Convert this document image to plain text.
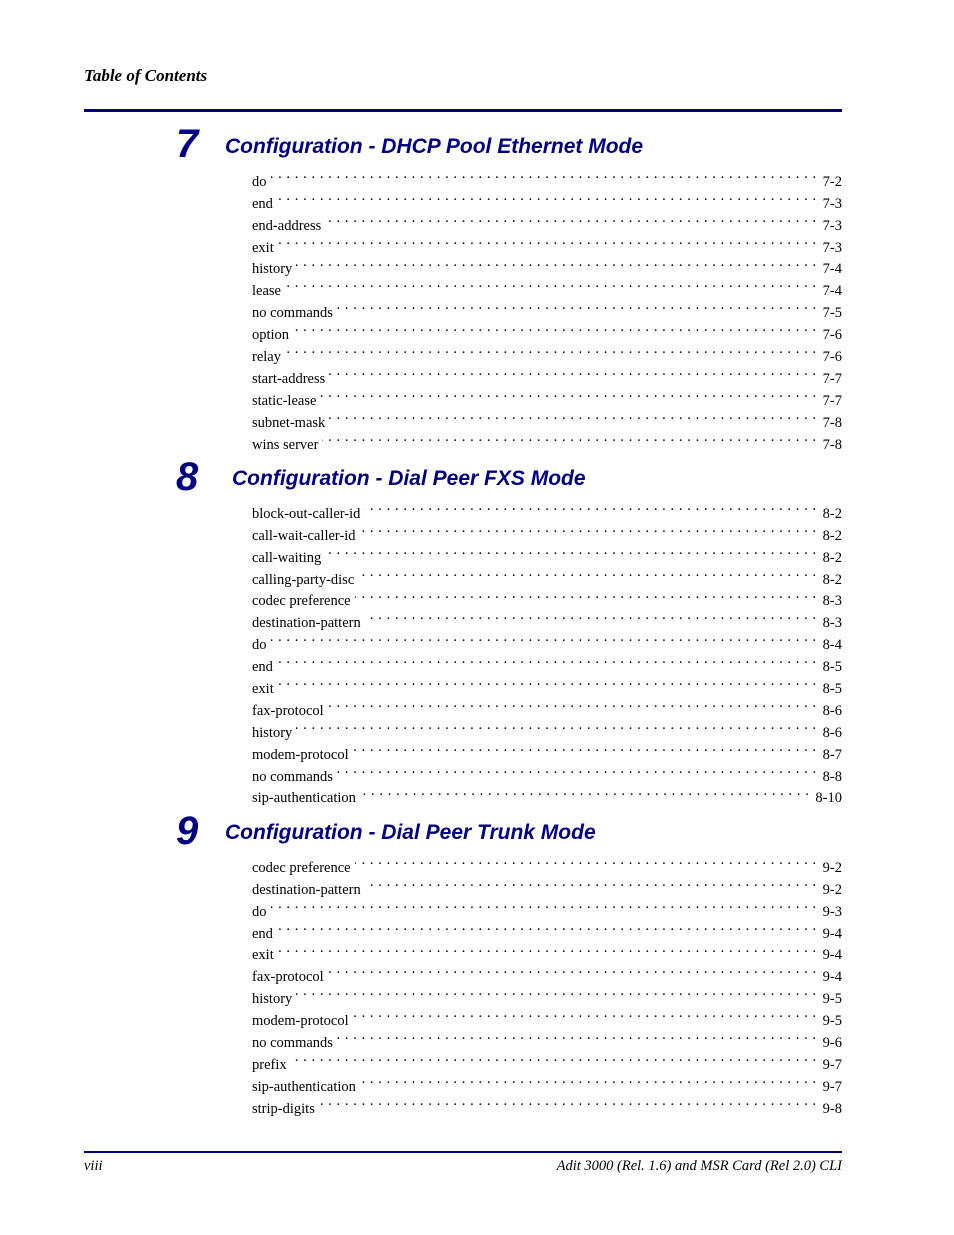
Table of Contents
7 Configuration - DHCP Pool Ethernet Mode
do . . .	7-2
end . . .	7-3
end-address . . .	7-3
exit . . .	7-3
history . . .	7-4
lease . . .	7-4
no commands . . .	7-5
option . . .	7-6
relay . . .	7-6
start-address . . .	7-7
static-lease . . .	7-7
subnet-mask . . .	7-8
wins server . . .	7-8
8 Configuration - Dial Peer FXS Mode
block-out-caller-id . . .	8-2
call-wait-caller-id . . .	8-2
call-waiting . . .	8-2
calling-party-disc . . .	8-2
codec preference . . .	8-3
destination-pattern . . .	8-3
do . . .	8-4
end . . .	8-5
exit . . .	8-5
fax-protocol . . .	8-6
history . . .	8-6
modem-protocol . . .	8-7
no commands . . .	8-8
sip-authentication . . .	8-10
9 Configuration - Dial Peer Trunk Mode
codec preference . . .	9-2
destination-pattern . . .	9-2
do . . .	9-3
end . . .	9-4
exit . . .	9-4
fax-protocol . . .	9-4
history . . .	9-5
modem-protocol . . .	9-5
no commands . . .	9-6
prefix . . .	9-7
sip-authentication . . .	9-7
strip-digits . . .	9-8
viii	Adit 3000 (Rel. 1.6) and MSR Card (Rel 2.0) CLI
